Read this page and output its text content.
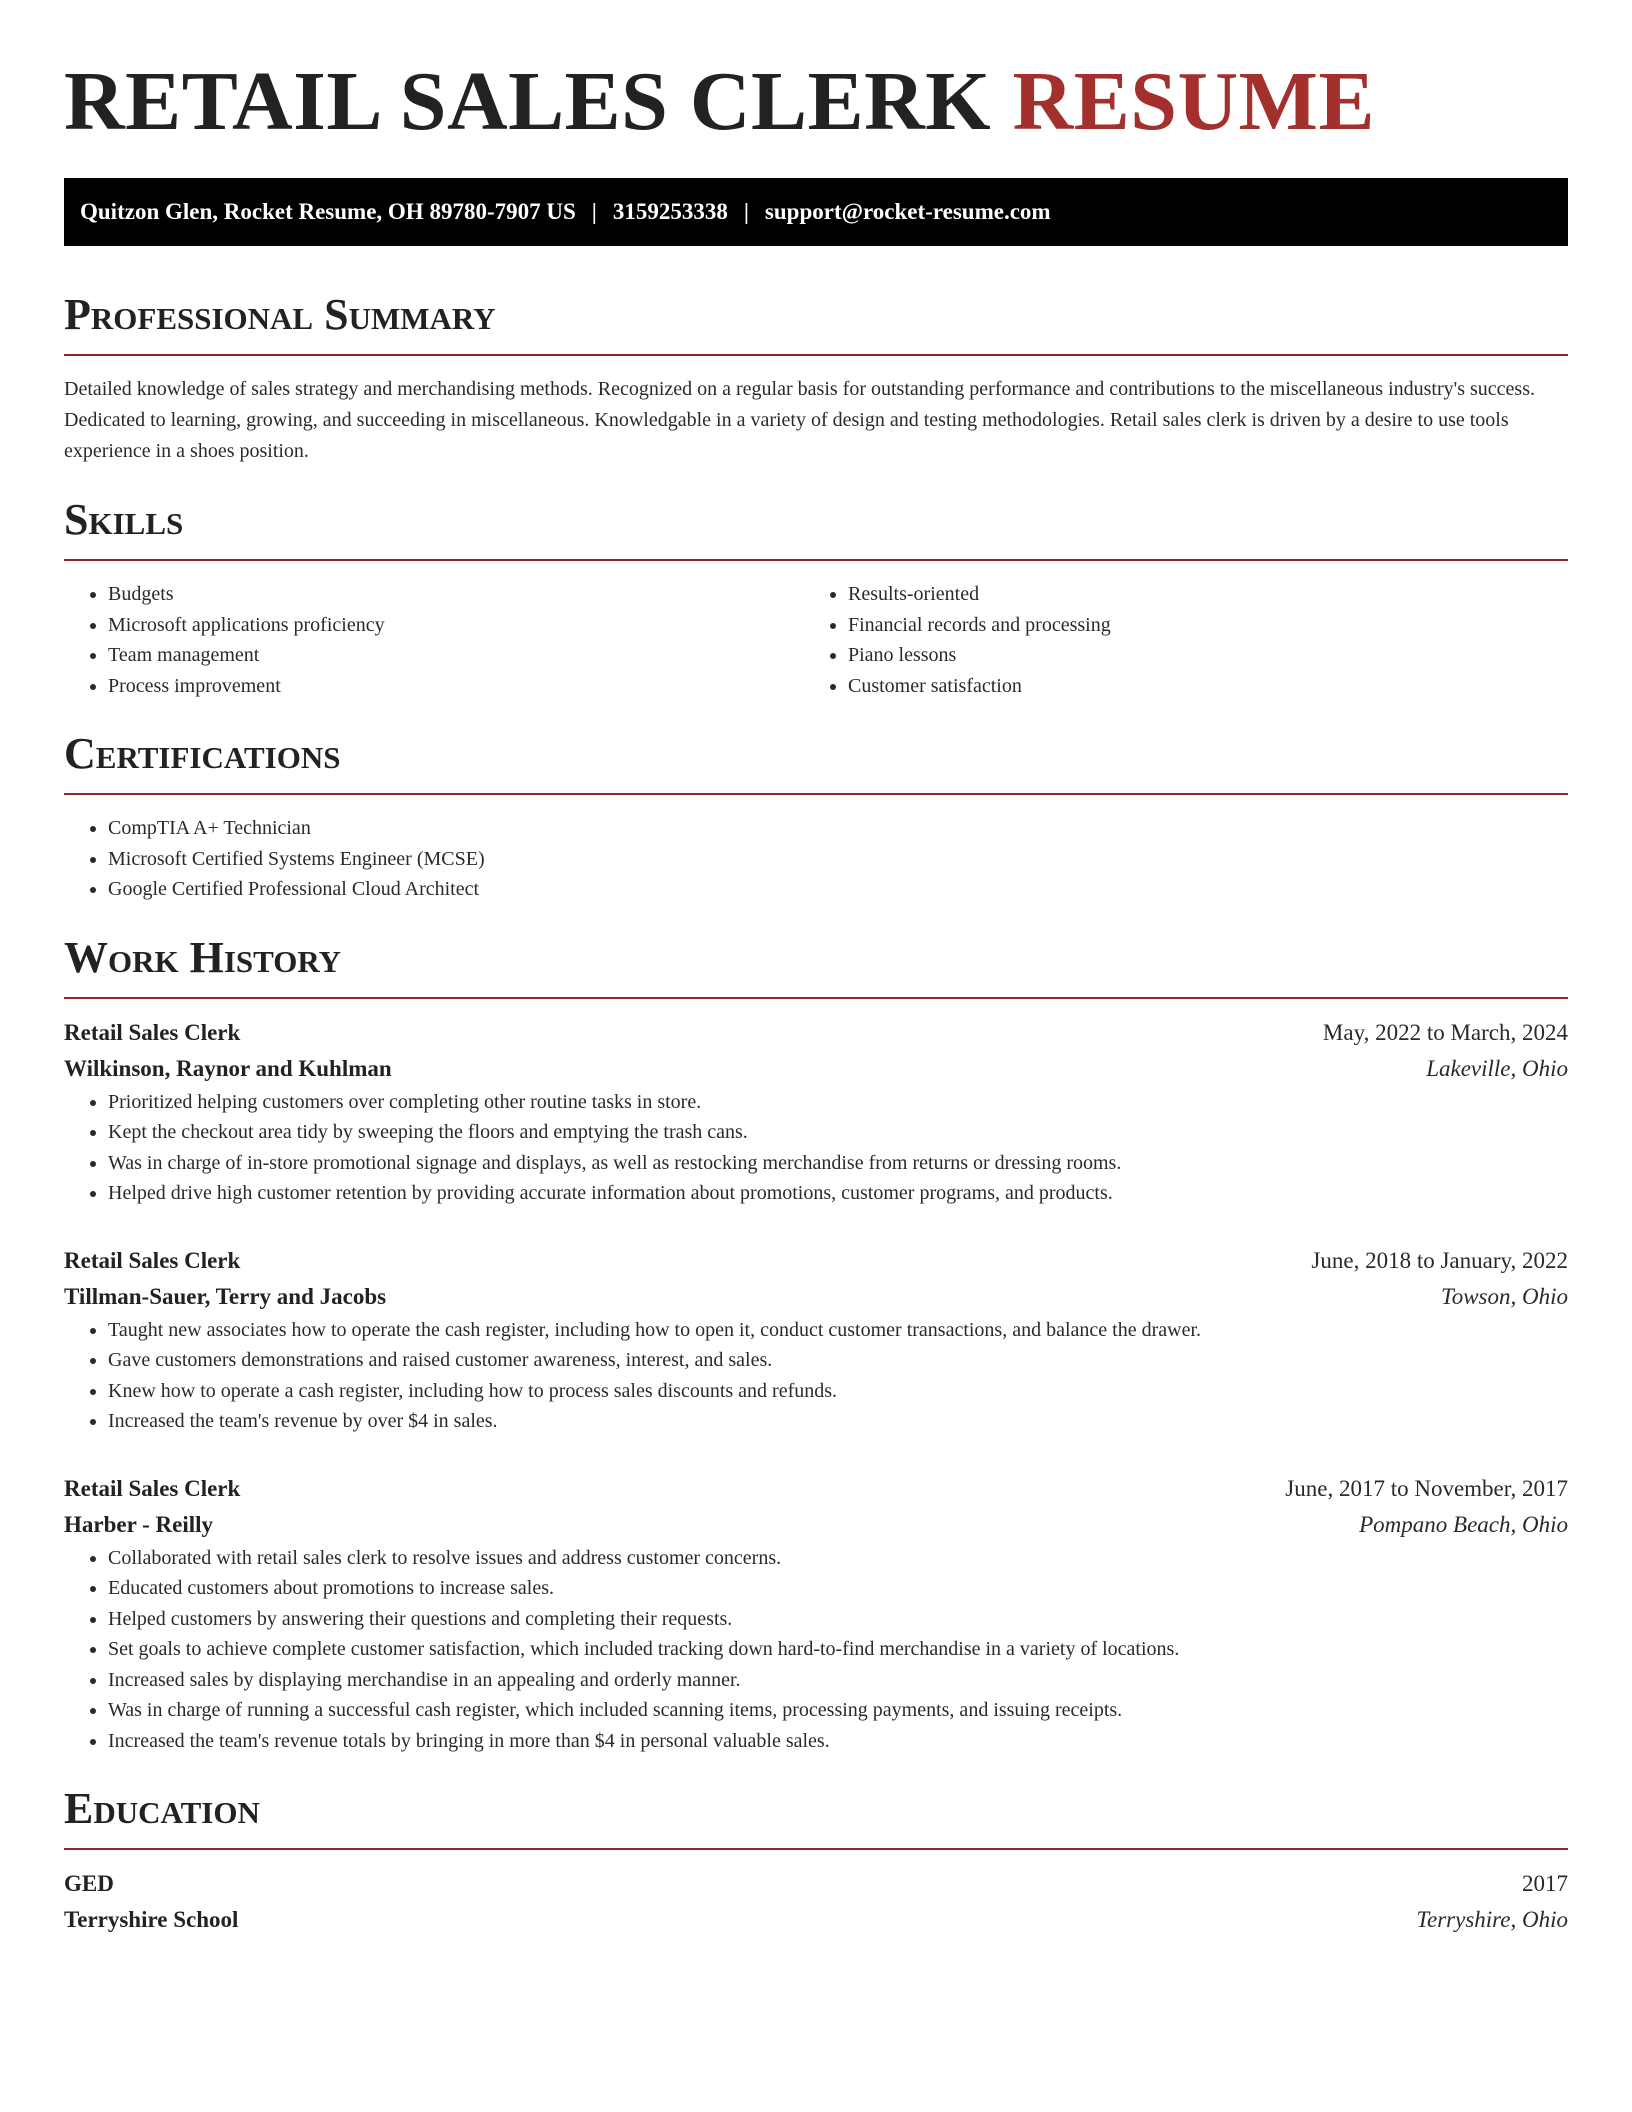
RETAIL SALES CLERK RESUME
Quitzon Glen, Rocket Resume, OH 89780-7907 US | 3159253338 | support@rocket-resume.com
Professional Summary

Detailed knowledge of sales strategy and merchandising methods. Recognized on a regular basis for outstanding performance and contributions to the miscellaneous industry's success. Dedicated to learning, growing, and succeeding in miscellaneous. Knowledgable in a variety of design and testing methodologies. Retail sales clerk is driven by a desire to use tools experience in a shoes position.

Skills
• Budgets
• Microsoft applications proficiency
• Team management
• Process improvement
• Results-oriented
• Financial records and processing
• Piano lessons
• Customer satisfaction
Certifications
• CompTIA A+ Technician
• Microsoft Certified Systems Engineer (MCSE)
• Google Certified Professional Cloud Architect
Work History
Retail Sales Clerk	May, 2022 to March, 2024
Wilkinson, Raynor and Kuhlman	Lakeville, Ohio
• Prioritized helping customers over completing other routine tasks in store.
• Kept the checkout area tidy by sweeping the floors and emptying the trash cans.
• Was in charge of in-store promotional signage and displays, as well as restocking merchandise from returns or dressing rooms.
• Helped drive high customer retention by providing accurate information about promotions, customer programs, and products.
Retail Sales Clerk	June, 2018 to January, 2022
Tillman-Sauer, Terry and Jacobs	Towson, Ohio
• Taught new associates how to operate the cash register, including how to open it, conduct customer transactions, and balance the drawer.
• Gave customers demonstrations and raised customer awareness, interest, and sales.
• Knew how to operate a cash register, including how to process sales discounts and refunds.
• Increased the team's revenue by over $4 in sales.
Retail Sales Clerk	June, 2017 to November, 2017
Harber - Reilly	Pompano Beach, Ohio
• Collaborated with retail sales clerk to resolve issues and address customer concerns.
• Educated customers about promotions to increase sales.
• Helped customers by answering their questions and completing their requests.
• Set goals to achieve complete customer satisfaction, which included tracking down hard-to-find merchandise in a variety of locations.
• Increased sales by displaying merchandise in an appealing and orderly manner.
• Was in charge of running a successful cash register, which included scanning items, processing payments, and issuing receipts.
• Increased the team's revenue totals by bringing in more than $4 in personal valuable sales.
Education
GED	2017
Terryshire School	Terryshire, Ohio
